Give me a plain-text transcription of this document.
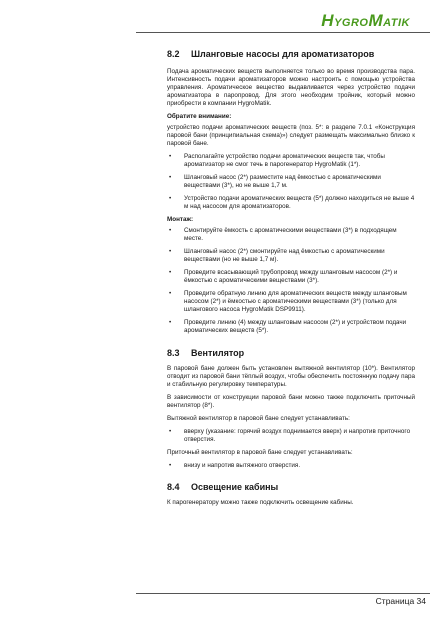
HYGROMATIK
8.2 Шланговые насосы для ароматизаторов

Подача ароматических веществ выполняется только во время производства пара. Интенсивность подачи ароматизаторов можно настроить с помощью устройства управления. Ароматическое вещество выдавливается через устройство подачи ароматизатора в паропровод. Для этого необходим тройник, который можно приобрести в компании HygroMatik.

Обратите внимание:

устройство подачи ароматических веществ (поз. 5*: в разделе 7.0.1 «Конструкция паровой бани (принципиальная схема)») следует размещать максимально близко к паровой бане.

• Располагайте устройство подачи ароматических веществ так, чтобы ароматизатор не смог течь в парогенератор HygroMatik (1*).
• Шланговый насос (2*) разместите над ёмкостью с ароматическими веществами (3*), но не выше 1,7 м.
• Устройство подачи ароматических веществ (5*) должно находиться не выше 4 м над насосом для ароматизаторов.
Монтаж:
• Смонтируйте ёмкость с ароматическими веществами (3*) в подходящем месте.
• Шланговый насос (2*) смонтируйте над ёмкостью с ароматическими веществами (но не выше 1,7 м).
• Проведите всасывающий трубопровод между шланговым насосом (2*) и ёмкостью с ароматическими веществами (3*).
• Проведите обратную линию для ароматических веществ между шланговым насосом (2*) и ёмкостью с ароматическими веществами (3*) (только для шлангового насоса HygroMatik DSP9911).
• Проведите линию (4) между шланговым насосом (2*) и устройством подачи ароматических веществ (5*).
8.3 Вентилятор

В паровой бане должен быть установлен вытяжной вентилятор (10*). Вентилятор отводит из паровой бани тёплый воздух, чтобы обеспечить постоянную подачу пара и стабильную регулировку температуры.

В зависимости от конструкции паровой бани можно также подключить приточный вентилятор (8*).

Вытяжной вентилятор в паровой бане следует устанавливать:

• вверху (указание: горячий воздух поднимается вверх) и напротив приточного отверстия.

Приточный вентилятор в паровой бане следует устанавливать:

• внизу и напротив вытяжного отверстия.
8.4 Освещение кабины

К парогенератору можно также подключить освещение кабины.

Страница 34
